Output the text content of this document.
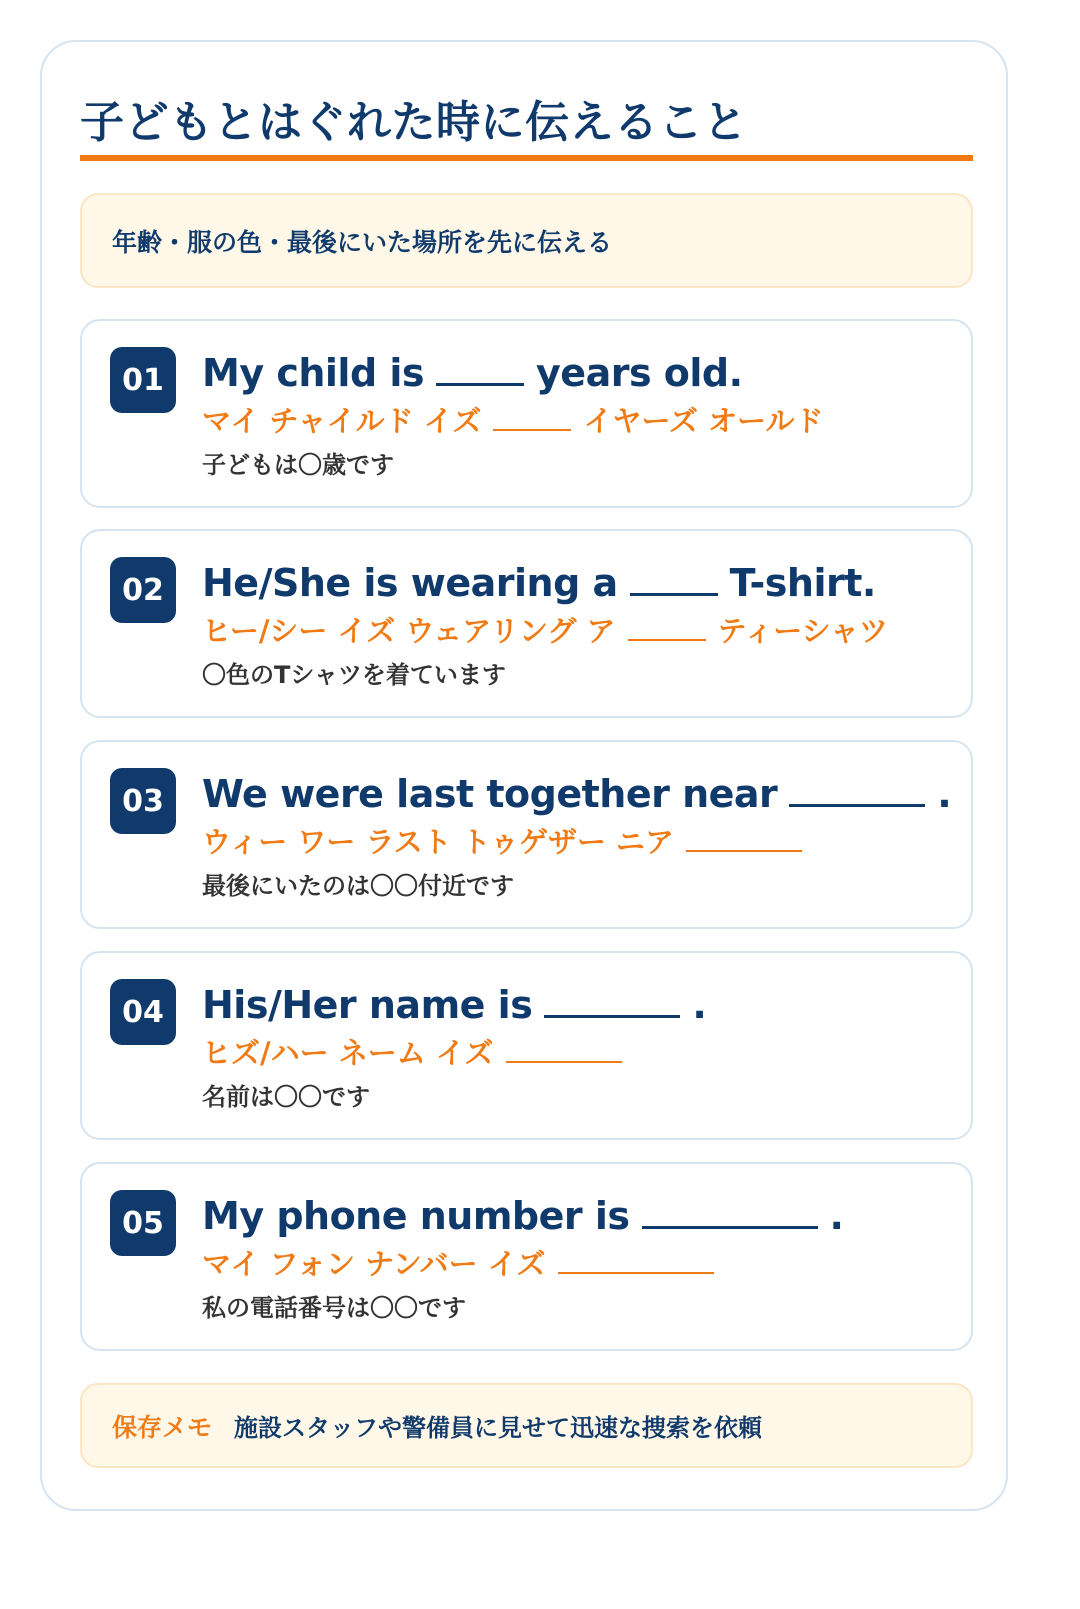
子どもとはぐれた時に伝えること
年齢・服の色・最後にいた場所を先に伝える
01	My child is	years old.
マイ チャイルド イズ	イヤーズ オールド
子どもは〇歳です
02	He/She is wearing a	T-shirt.
ヒー/シー イズ ウェアリング ア	ティーシャツ
〇色のTシャツを着ています
03	We were last together near	.
ウィー ワー ラスト トゥゲザー ニア
最後にいたのは〇〇付近です
04	His/Her name is	.
ヒズ/ハー ネーム イズ
名前は〇〇です
05	My phone number is	.
マイ フォン ナンバー イズ
私の電話番号は〇〇です
保存メモ 施設スタッフや警備員に見せて迅速な捜索を依頼
